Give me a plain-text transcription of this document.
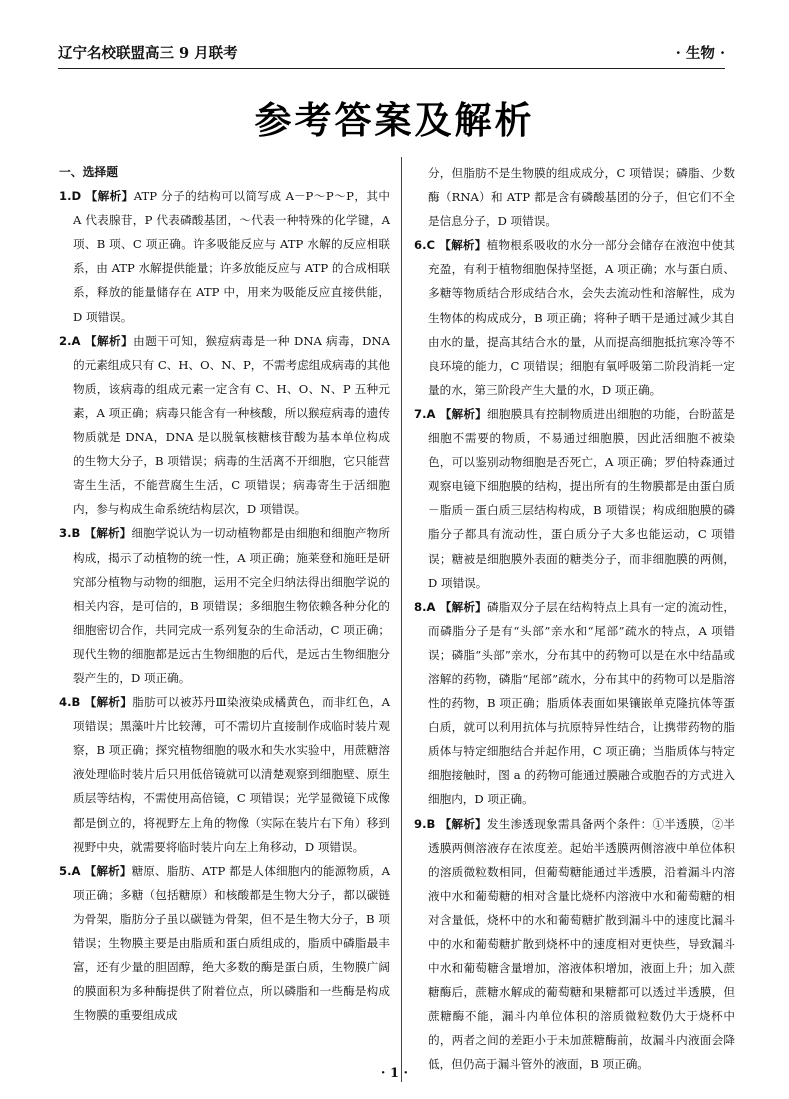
辽宁名校联盟高三 9 月联考	· 生物 ·
参考答案及解析
一、选择题

1.D 【解析】ATP 分子的结构可以简写成 A－P～P～P，其中 A 代表腺苷，P 代表磷酸基团，～代表一种特殊的化学键，A 项、B 项、C 项正确。许多吸能反应与 ATP 水解的反应相联系，由 ATP 水解提供能量；许多放能反应与 ATP 的合成相联系，释放的能量储存在 ATP 中，用来为吸能反应直接供能，D 项错误。

2.A 【解析】由题干可知，猴痘病毒是一种 DNA 病毒，DNA 的元素组成只有 C、H、O、N、P，不需考虑组成病毒的其他物质，该病毒的组成元素一定含有 C、H、O、N、P 五种元素，A 项正确；病毒只能含有一种核酸，所以猴痘病毒的遗传物质就是 DNA，DNA 是以脱氧核糖核苷酸为基本单位构成的生物大分子，B 项错误；病毒的生活离不开细胞，它只能营寄生生活，不能营腐生生活，C 项错误；病毒寄生于活细胞内，参与构成生命系统结构层次，D 项错误。

3.B 【解析】细胞学说认为一切动植物都是由细胞和细胞产物所构成，揭示了动植物的统一性，A 项正确；施莱登和施旺是研究部分植物与动物的细胞，运用不完全归纳法得出细胞学说的相关内容，是可信的，B 项错误；多细胞生物依赖各种分化的细胞密切合作，共同完成一系列复杂的生命活动，C 项正确；现代生物的细胞都是远古生物细胞的后代，是远古生物细胞分裂产生的，D 项正确。

4.B 【解析】脂肪可以被苏丹Ⅲ染液染成橘黄色，而非红色，A 项错误；黑藻叶片比较薄，可不需切片直接制作成临时装片观察，B 项正确；探究植物细胞的吸水和失水实验中，用蔗糖溶液处理临时装片后只用低倍镜就可以清楚观察到细胞壁、原生质层等结构，不需使用高倍镜，C 项错误；光学显微镜下成像都是倒立的，将视野左上角的物像（实际在装片右下角）移到视野中央，就需要将临时装片向左上角移动，D 项错误。

5.A 【解析】糖原、脂肪、ATP 都是人体细胞内的能源物质，A 项正确；多糖（包括糖原）和核酸都是生物大分子，都以碳链为骨架，脂肪分子虽以碳链为骨架，但不是生物大分子，B 项错误；生物膜主要是由脂质和蛋白质组成的，脂质中磷脂最丰富，还有少量的胆固醇，绝大多数的酶是蛋白质，生物膜广阔的膜面积为多种酶提供了附着位点，所以磷脂和一些酶是构成生物膜的重要组成成

分，但脂肪不是生物膜的组成成分，C 项错误；磷脂、少数酶（RNA）和 ATP 都是含有磷酸基团的分子，但它们不全是信息分子，D 项错误。

6.C 【解析】植物根系吸收的水分一部分会储存在液泡中使其充盈，有利于植物细胞保持坚挺，A 项正确；水与蛋白质、多糖等物质结合形成结合水，会失去流动性和溶解性，成为生物体的构成成分，B 项正确；将种子晒干是通过减少其自由水的量，提高其结合水的量，从而提高细胞抵抗寒冷等不良环境的能力，C 项错误；细胞有氧呼吸第二阶段消耗一定量的水，第三阶段产生大量的水，D 项正确。

7.A 【解析】细胞膜具有控制物质进出细胞的功能，台盼蓝是细胞不需要的物质，不易通过细胞膜，因此活细胞不被染色，可以鉴别动物细胞是否死亡，A 项正确；罗伯特森通过观察电镜下细胞膜的结构，提出所有的生物膜都是由蛋白质－脂质－蛋白质三层结构构成，B 项错误；构成细胞膜的磷脂分子都具有流动性，蛋白质分子大多也能运动，C 项错误；糖被是细胞膜外表面的糖类分子，而非细胞膜的两侧，D 项错误。

8.A 【解析】磷脂双分子层在结构特点上具有一定的流动性，而磷脂分子是有“头部”亲水和“尾部”疏水的特点，A 项错误；磷脂“头部”亲水，分布其中的药物可以是在水中结晶或溶解的药物，磷脂“尾部”疏水，分布其中的药物可以是脂溶性的药物，B 项正确；脂质体表面如果镶嵌单克隆抗体等蛋白质，就可以利用抗体与抗原特异性结合，让携带药物的脂质体与特定细胞结合并起作用，C 项正确；当脂质体与特定细胞接触时，图 a 的药物可能通过膜融合或胞吞的方式进入细胞内，D 项正确。

9.B 【解析】发生渗透现象需具备两个条件：①半透膜，②半透膜两侧溶液存在浓度差。起始半透膜两侧溶液中单位体积的溶质微粒数相同，但葡萄糖能通过半透膜，沿着漏斗内溶液中水和葡萄糖的相对含量比烧杯内溶液中水和葡萄糖的相对含量低，烧杯中的水和葡萄糖扩散到漏斗中的速度比漏斗中的水和葡萄糖扩散到烧杯中的速度相对更快些，导致漏斗中水和葡萄糖含量增加，溶液体积增加，液面上升；加入蔗糖酶后，蔗糖水解成的葡萄糖和果糖都可以透过半透膜，但蔗糖酶不能，漏斗内单位体积的溶质微粒数仍大于烧杯中的，两者之间的差距小于未加蔗糖酶前，故漏斗内液面会降低，但仍高于漏斗管外的液面，B 项正确。

· 1 ·
